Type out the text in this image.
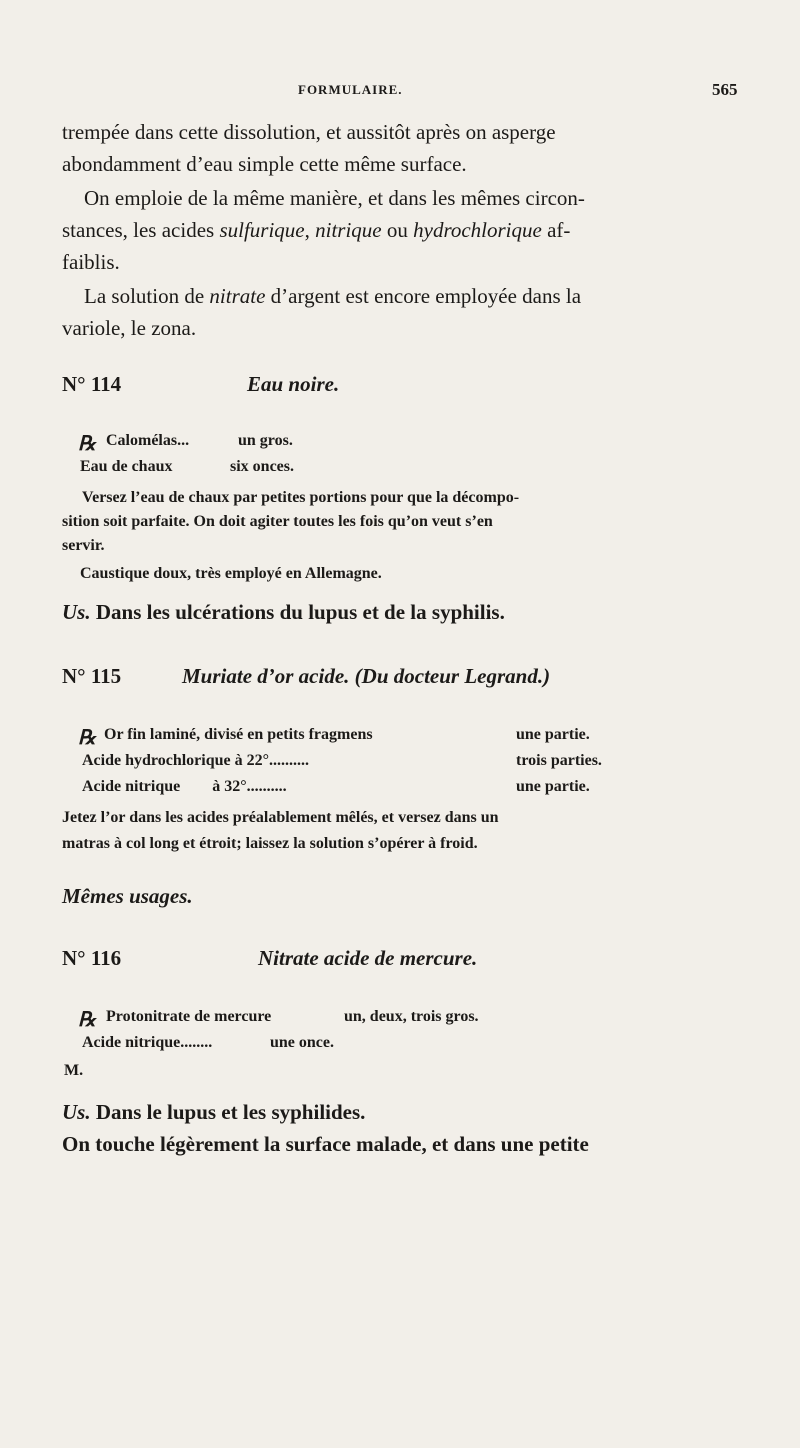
FORMULAIRE.	565

trempée dans cette dissolution, et aussitôt après on asperge

abondamment d’eau simple cette même surface.

On emploie de la même manière, et dans les mêmes circon-

stances, les acides sulfurique, nitrique ou hydrochlorique af-

faiblis.

La solution de nitrate d’argent est encore employée dans la

variole, le zona.

N° 114	Eau noire.
℞ Calomélas...	un gros.
Eau de chaux	six onces.

Versez l’eau de chaux par petites portions pour que la décompo-

sition soit parfaite. On doit agiter toutes les fois qu’on veut s’en

servir.

Caustique doux, très employé en Allemagne.

Us. Dans les ulcérations du lupus et de la syphilis.
N° 115	Muriate d’or acide. (Du docteur Legrand.)
℞ Or fin laminé, divisé en petits fragmens	une partie.
Acide hydrochlorique à 22°..........	trois parties.
Acide nitrique        à 32°..........	une partie.

Jetez l’or dans les acides préalablement mêlés, et versez dans un

matras à col long et étroit; laissez la solution s’opérer à froid.

Mêmes usages.
N° 116	Nitrate acide de mercure.
℞ Protonitrate de mercure	un, deux, trois gros.
Acide nitrique........	une once.
M.
Us. Dans le lupus et les syphilides.
On touche légèrement la surface malade, et dans une petite
